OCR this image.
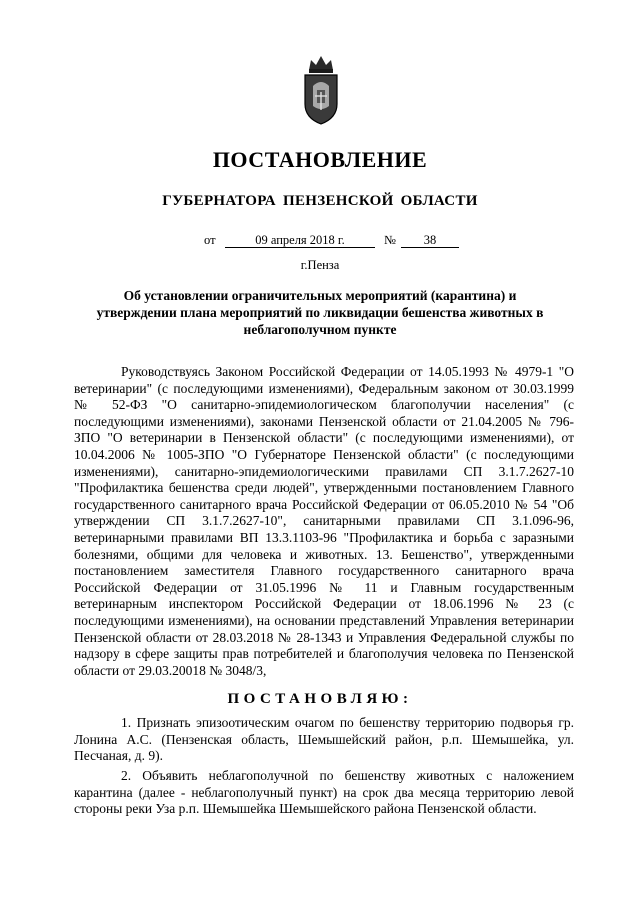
ПОСТАНОВЛЕНИЕ
ГУБЕРНАТОРА ПЕНЗЕНСКОЙ ОБЛАСТИ
от	09 апреля 2018 г.	№	38
г.Пенза
Об установлении ограничительных мероприятий (карантина) и утверждении плана мероприятий по ликвидации бешенства животных в неблагополучном пункте

Руководствуясь Законом Российской Федерации от 14.05.1993 № 4979-1 "О ветеринарии" (с последующими изменениями), Федеральным законом от 30.03.1999 № 52-ФЗ "О санитарно-эпидемиологическом благополучии населения" (с последующими изменениями), законами Пензенской области от 21.04.2005 № 796-ЗПО "О ветеринарии в Пензенской области" (с последующими изменениями), от 10.04.2006 № 1005-ЗПО "О Губернаторе Пензенской области" (с последующими изменениями), санитарно-эпидемиологическими правилами СП 3.1.7.2627-10 "Профилактика бешенства среди людей", утвержденными постановлением Главного государственного санитарного врача Российской Федерации от 06.05.2010 № 54 "Об утверждении СП 3.1.7.2627-10", санитарными правилами СП 3.1.096-96, ветеринарными правилами ВП 13.3.1103-96 "Профилактика и борьба с заразными болезнями, общими для человека и животных. 13. Бешенство", утвержденными постановлением заместителя Главного государственного санитарного врача Российской Федерации от 31.05.1996 № 11 и Главным государственным ветеринарным инспектором Российской Федерации от 18.06.1996 № 23 (с последующими изменениями), на основании представлений Управления ветеринарии Пензенской области от 28.03.2018 № 28-1343 и Управления Федеральной службы по надзору в сфере защиты прав потребителей и благополучия человека по Пензенской области от 29.03.20018 № 3048/3,

ПОСТАНОВЛЯЮ:

1. Признать эпизоотическим очагом по бешенству территорию подворья гр. Лонина А.С. (Пензенская область, Шемышейский район, р.п. Шемышейка, ул. Песчаная, д. 9).

2. Объявить неблагополучной по бешенству животных с наложением карантина (далее - неблагополучный пункт) на срок два месяца территорию левой стороны реки Уза р.п. Шемышейка Шемышейского района Пензенской области.
